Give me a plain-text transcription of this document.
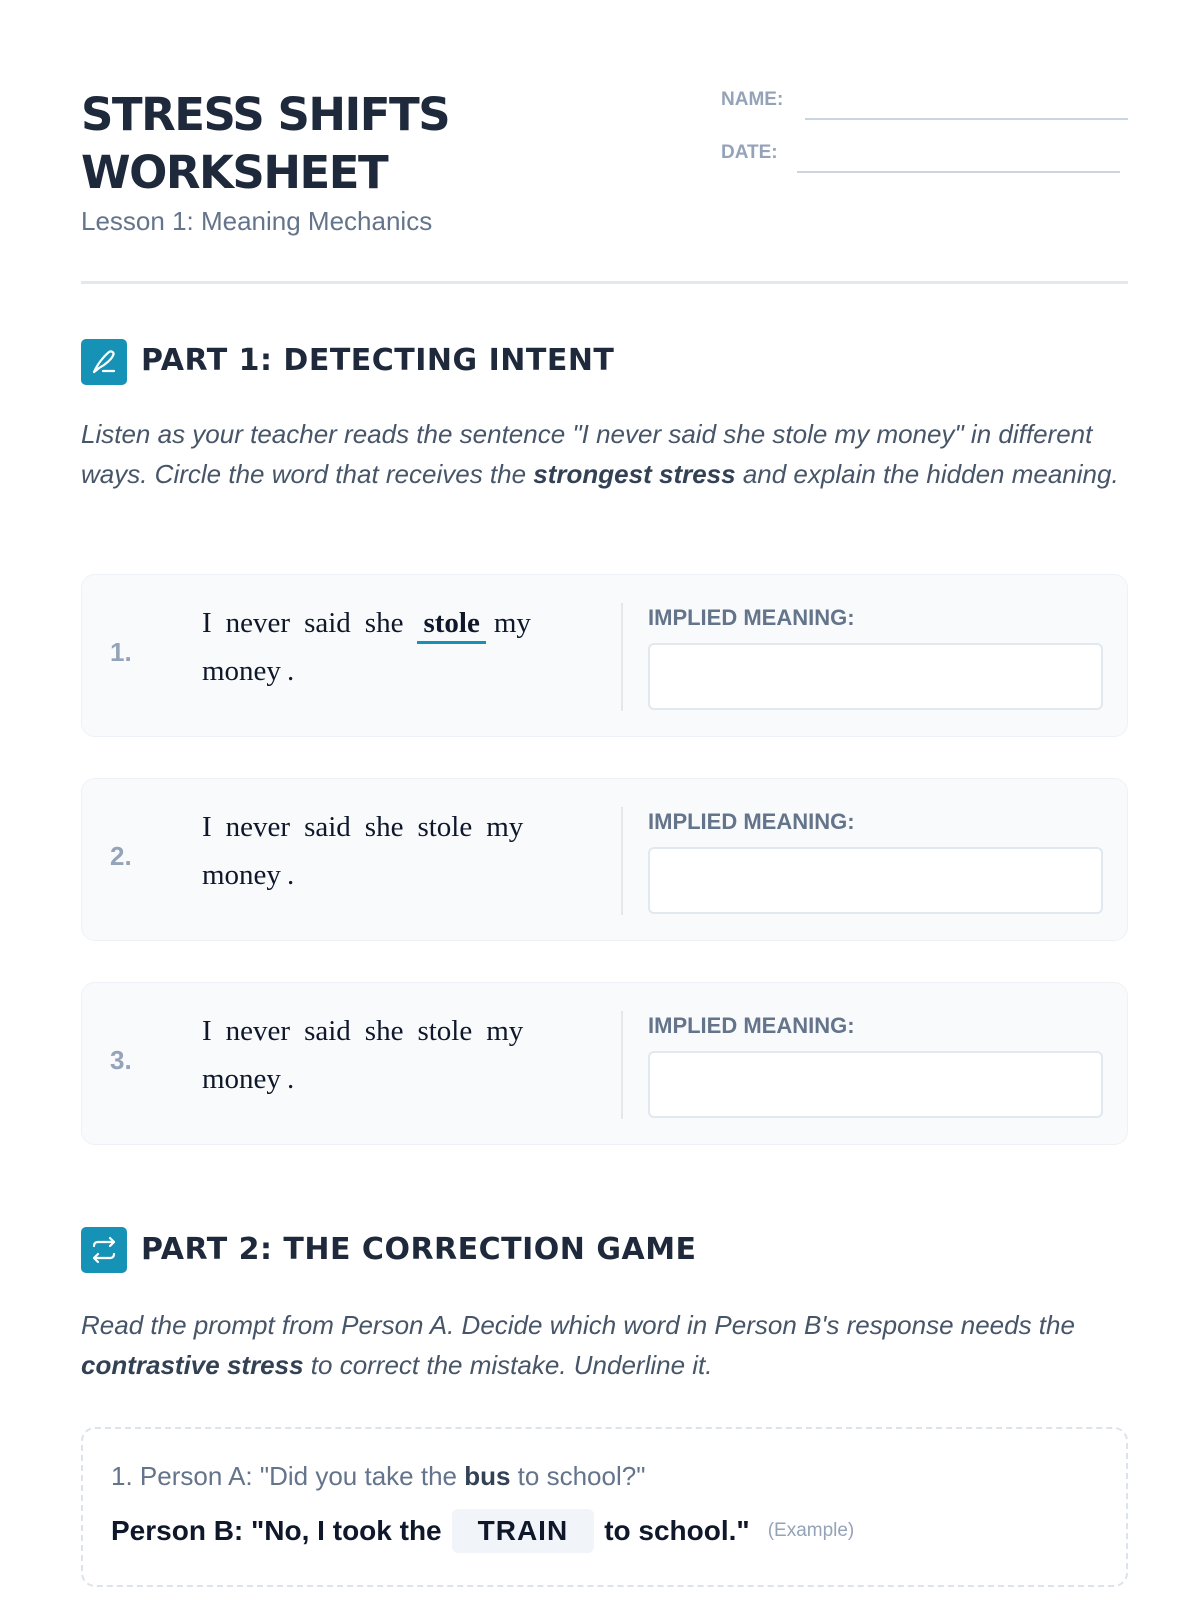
STRESS SHIFTS
WORKSHEET
Lesson 1: Meaning Mechanics
NAME:
DATE:
PART 1: DETECTING INTENT
Listen as your teacher reads the sentence "I never said she stole my money" in different ways. Circle the word that receives the strongest stress and explain the hidden meaning.
1.
I never said she stole my
money .
IMPLIED MEANING:
2.
I never said she stole my
money .
IMPLIED MEANING:
3.
I never said she stole my
money .
IMPLIED MEANING:
PART 2: THE CORRECTION GAME
Read the prompt from Person A. Decide which word in Person B's response needs the contrastive stress to correct the mistake. Underline it.
1. Person A: "Did you take the bus to school?"
Person B: "No, I took the	TRAIN	to school." (Example)
